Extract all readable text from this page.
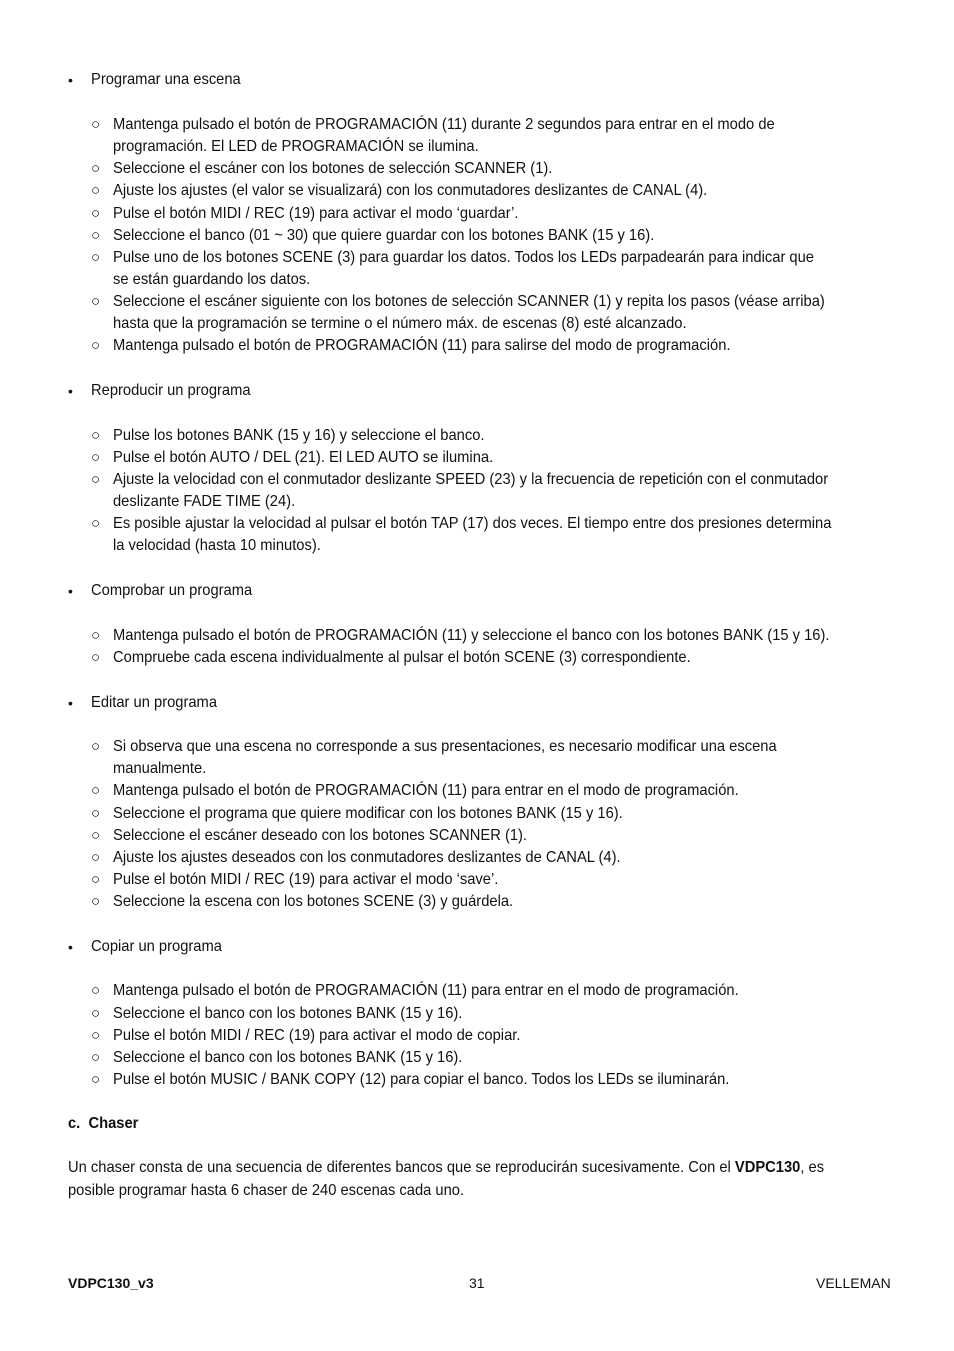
• Programar una escena
○ Mantenga pulsado el botón de PROGRAMACIÓN (11) durante 2 segundos para entrar en el modo de
programación. El LED de PROGRAMACIÓN se ilumina.
○ Seleccione el escáner con los botones de selección SCANNER (1).
○ Ajuste los ajustes (el valor se visualizará) con los conmutadores deslizantes de CANAL (4).
○ Pulse el botón MIDI / REC (19) para activar el modo ‘guardar’.
○ Seleccione el banco (01 ~ 30) que quiere guardar con los botones BANK (15 y 16).
○ Pulse uno de los botones SCENE (3) para guardar los datos. Todos los LEDs parpadearán para indicar que
se están guardando los datos.
○ Seleccione el escáner siguiente con los botones de selección SCANNER (1) y repita los pasos (véase arriba)
hasta que la programación se termine o el número máx. de escenas (8) esté alcanzado.
○ Mantenga pulsado el botón de PROGRAMACIÓN (11) para salirse del modo de programación.
• Reproducir un programa
○ Pulse los botones BANK (15 y 16) y seleccione el banco.
○ Pulse el botón AUTO / DEL (21). El LED AUTO se ilumina.
○ Ajuste la velocidad con el conmutador deslizante SPEED (23) y la frecuencia de repetición con el conmutador
deslizante FADE TIME (24).
○ Es posible ajustar la velocidad al pulsar el botón TAP (17) dos veces. El tiempo entre dos presiones determina
la velocidad (hasta 10 minutos).
• Comprobar un programa
○ Mantenga pulsado el botón de PROGRAMACIÓN (11) y seleccione el banco con los botones BANK (15 y 16).
○ Compruebe cada escena individualmente al pulsar el botón SCENE (3) correspondiente.
• Editar un programa
○ Si observa que una escena no corresponde a sus presentaciones, es necesario modificar una escena
manualmente.
○ Mantenga pulsado el botón de PROGRAMACIÓN (11) para entrar en el modo de programación.
○ Seleccione el programa que quiere modificar con los botones BANK (15 y 16).
○ Seleccione el escáner deseado con los botones SCANNER (1).
○ Ajuste los ajustes deseados con los conmutadores deslizantes de CANAL (4).
○ Pulse el botón MIDI / REC (19) para activar el modo ‘save’.
○ Seleccione la escena con los botones SCENE (3) y guárdela.
• Copiar un programa
○ Mantenga pulsado el botón de PROGRAMACIÓN (11) para entrar en el modo de programación.
○ Seleccione el banco con los botones BANK (15 y 16).
○ Pulse el botón MIDI / REC (19) para activar el modo de copiar.
○ Seleccione el banco con los botones BANK (15 y 16).
○ Pulse el botón MUSIC / BANK COPY (12) para copiar el banco. Todos los LEDs se iluminarán.
c. Chaser
Un chaser consta de una secuencia de diferentes bancos que se reproducirán sucesivamente. Con el VDPC130, es
posible programar hasta 6 chaser de 240 escenas cada uno.
VDPC130_v3	31	VELLEMAN
